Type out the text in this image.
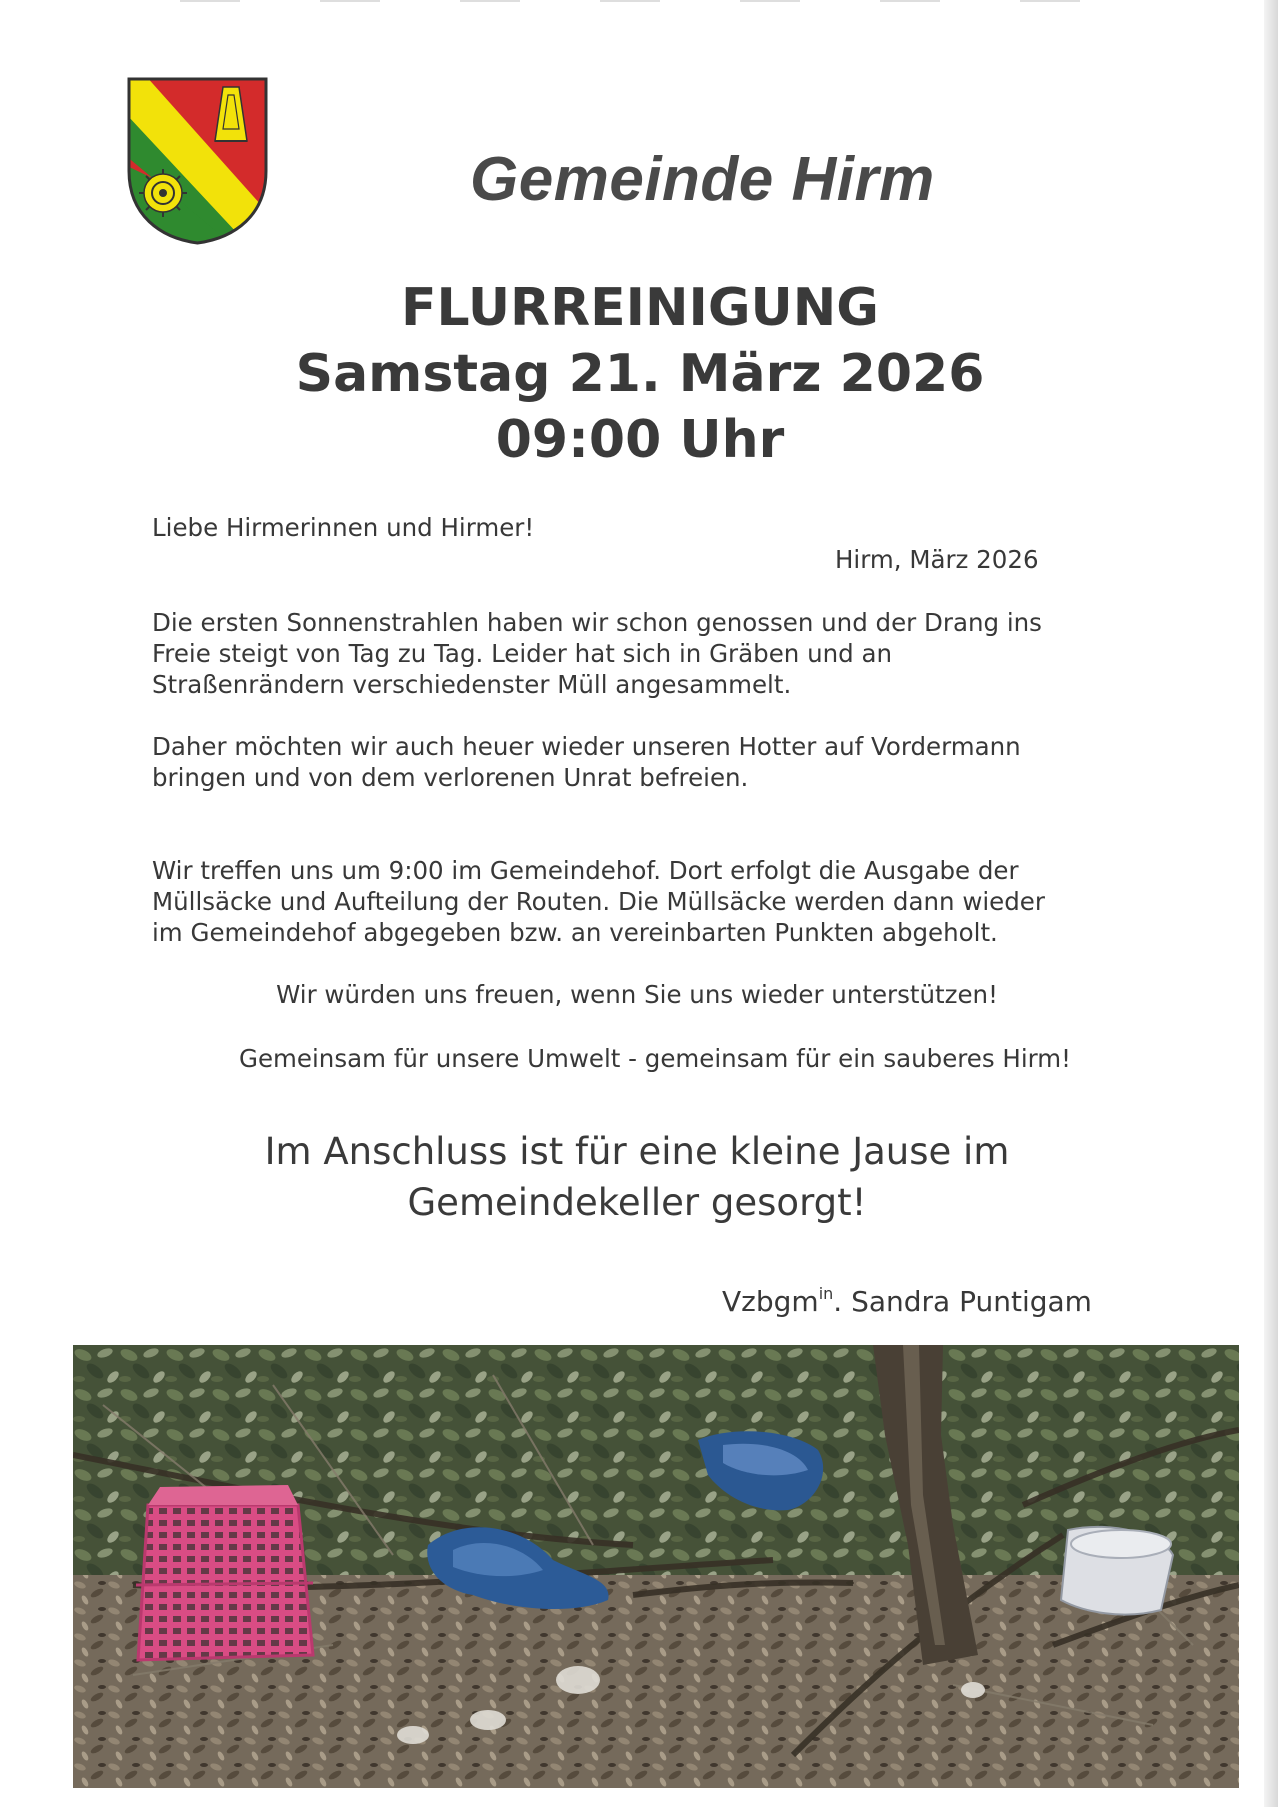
Gemeinde Hirm
FLURREINIGUNG
Samstag 21. März 2026
09:00 Uhr

Liebe Hirmerinnen und Hirmer!

Hirm, März 2026

Die ersten Sonnenstrahlen haben wir schon genossen und der Drang ins
Freie steigt von Tag zu Tag. Leider hat sich in Gräben und an
Straßenrändern verschiedenster Müll angesammelt.
Daher möchten wir auch heuer wieder unseren Hotter auf Vordermann
bringen und von dem verlorenen Unrat befreien.
Wir treffen uns um 9:00 im Gemeindehof. Dort erfolgt die Ausgabe der
Müllsäcke und Aufteilung der Routen. Die Müllsäcke werden dann wieder
im Gemeindehof abgegeben bzw. an vereinbarten Punkten abgeholt.

Wir würden uns freuen, wenn Sie uns wieder unterstützen!

Gemeinsam für unsere Umwelt - gemeinsam für ein sauberes Hirm!

Im Anschluss ist für eine kleine Jause im
Gemeindekeller gesorgt!

Vzbgm$^{in}$. Sandra Puntigam
